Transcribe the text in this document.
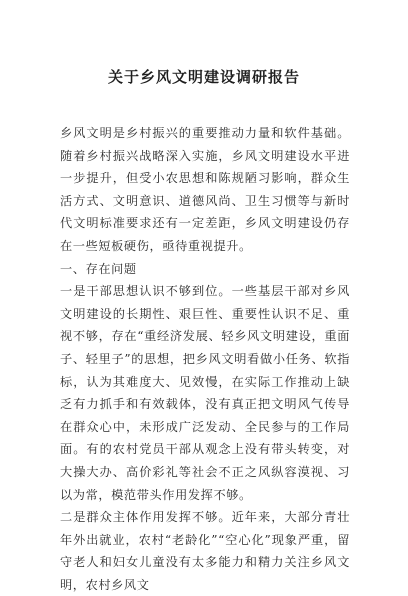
关于乡风文明建设调研报告

乡风文明是乡村振兴的重要推动力量和软件基础。随着乡村振兴战略深入实施，乡风文明建设水平进一步提升，但受小农思想和陈规陋习影响，群众生活方式、文明意识、道德风尚、卫生习惯等与新时代文明标准要求还有一定差距，乡风文明建设仍存在一些短板硬伤，亟待重视提升。

一、存在问题

一是干部思想认识不够到位。一些基层干部对乡风文明建设的长期性、艰巨性、重要性认识不足、重视不够，存在“重经济发展、轻乡风文明建设，重面子、轻里子”的思想，把乡风文明看做小任务、软指标，认为其难度大、见效慢，在实际工作推动上缺乏有力抓手和有效载体，没有真正把文明风气传导在群众心中，未形成广泛发动、全民参与的工作局面。有的农村党员干部从观念上没有带头转变，对大操大办、高价彩礼等社会不正之风纵容漠视、习以为常，模范带头作用发挥不够。

二是群众主体作用发挥不够。近年来，大部分青壮年外出就业，农村“老龄化”“空心化”现象严重，留守老人和妇女儿童没有太多能力和精力关注乡风文明，农村乡风文
